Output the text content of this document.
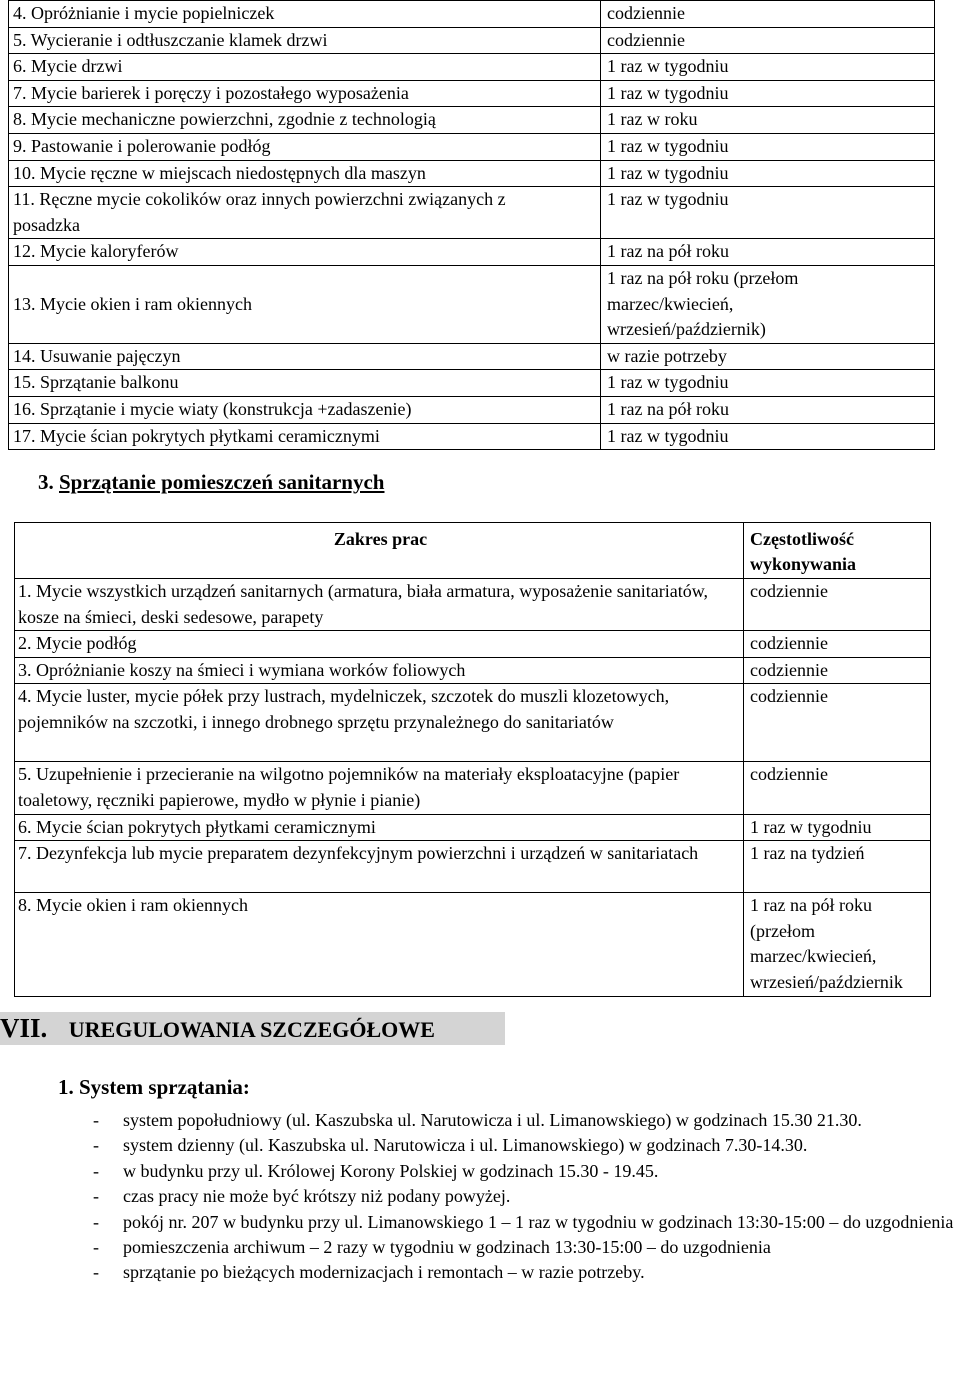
4. Opróżnianie i mycie popielniczek	codziennie
5. Wycieranie i odtłuszczanie klamek drzwi	codziennie
6. Mycie drzwi	1 raz w tygodniu
7. Mycie barierek i poręczy i pozostałego wyposażenia	1 raz w tygodniu
8. Mycie mechaniczne powierzchni, zgodnie z technologią	1 raz w roku
9. Pastowanie i polerowanie podłóg	1 raz w tygodniu
10. Mycie ręczne w miejscach niedostępnych dla maszyn	1 raz w tygodniu
11. Ręczne mycie cokolików oraz innych powierzchni związanych z posadzka	1 raz w tygodniu
12. Mycie kaloryferów	1 raz na pół roku
13. Mycie okien i ram okiennych	1 raz na pół roku (przełom marzec/kwiecień, wrzesień/październik)
14. Usuwanie pajęczyn	w razie potrzeby
15. Sprzątanie balkonu	1 raz w tygodniu
16. Sprzątanie i mycie wiaty (konstrukcja +zadaszenie)	1 raz na pół roku
17. Mycie ścian pokrytych płytkami ceramicznymi	1 raz w tygodniu
3. Sprzątanie pomieszczeń sanitarnych
Zakres prac	Częstotliwość wykonywania
1. Mycie wszystkich urządzeń sanitarnych (armatura, biała armatura, wyposażenie sanitariatów, kosze na śmieci, deski sedesowe, parapety	codziennie
2. Mycie podłóg	codziennie
3. Opróżnianie koszy na śmieci i wymiana worków foliowych	codziennie
4. Mycie luster, mycie półek przy lustrach, mydelniczek, szczotek do muszli klozetowych, pojemników na szczotki, i innego drobnego sprzętu przynależnego do sanitariatów	codziennie
5. Uzupełnienie i przecieranie na wilgotno pojemników na materiały eksploatacyjne (papier toaletowy, ręczniki papierowe, mydło w płynie i pianie)	codziennie
6. Mycie ścian pokrytych płytkami ceramicznymi	1 raz w tygodniu
7. Dezynfekcja lub mycie preparatem dezynfekcyjnym powierzchni i urządzeń w sanitariatach	1 raz na tydzień
8. Mycie okien i ram okiennych	1 raz na pół roku (przełom marzec/kwiecień, wrzesień/październik
VII. UREGULOWANIA SZCZEGÓŁOWE
1. System sprzątania:
- system popołudniowy (ul. Kaszubska ul. Narutowicza i ul. Limanowskiego) w godzinach 15.30 21.30.
- system dzienny (ul. Kaszubska ul. Narutowicza i ul. Limanowskiego) w godzinach 7.30-14.30.
- w budynku przy ul. Królowej Korony Polskiej w godzinach 15.30 - 19.45.
- czas pracy nie może być krótszy niż podany powyżej.
- pokój nr. 207 w budynku przy ul. Limanowskiego 1 – 1 raz w tygodniu w godzinach 13:30-15:00 – do uzgodnienia
- pomieszczenia archiwum – 2 razy w tygodniu w godzinach 13:30-15:00 – do uzgodnienia
- sprzątanie po bieżących modernizacjach i remontach – w razie potrzeby.
